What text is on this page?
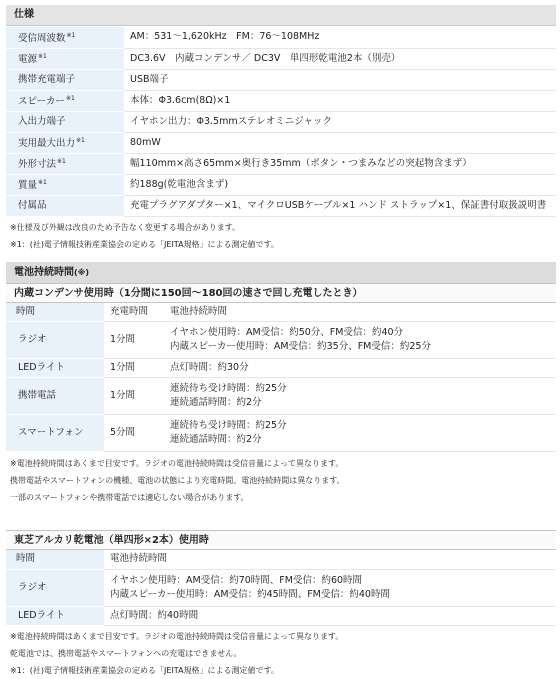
仕様
受信周波数$^{※1}$	AM：531～1,620kHz　FM：76～108MHz
電源$^{※1}$	DC3.6V　内蔵コンデンサ／ DC3V　単四形乾電池2本（別売）
携帯充電端子	USB端子
スピーカー$^{※1}$	本体：Φ3.6cm(8Ω)×1
入出力端子	イヤホン出力：Φ3.5mmステレオミニジャック
実用最大出力$^{※1}$	80mW
外形寸法$^{※1}$	幅110mm×高さ65mm×奥行き35mm（ボタン・つまみなどの突起物含まず）
質量$^{※1}$	約188g(乾電池含まず)
付属品	充電プラグアダプター×1、マイクロUSBケーブル×1 ハンド ストラップ×1、保証書付取扱説明書
※仕様及び外観は改良のため予告なく変更する場合があります。
※1：(社)電子情報技術産業協会の定める「JEITA規格」による測定値です。
電池持続時間(※)
内蔵コンデンサ使用時（1分間に150回～180回の速さで回し充電したとき）
時間	充電時間	電池持続時間
ラジオ	1分間	イヤホン使用時：AM受信：約50分、FM受信：約40分
内蔵スピーカー使用時：AM受信：約35分、FM受信：約25分

LEDライト	1分間	点灯時間：約30分

携帯電話	1分間	連続待ち受け時間：約25分
連続通話時間：約2分

スマートフォン	5分間	連続待ち受け時間：約25分
連続通話時間：約2分
※電池持続時間はあくまで目安です。ラジオの電池持続時間は受信音量によって異なります。
携帯電話やスマートフォンの機種、電池の状態により充電時間、電池持続時間は異なります。
一部のスマートフォンや携帯電話では適応しない場合があります。
東芝アルカリ乾電池（単四形×2本）使用時
時間	電池持続時間
ラジオ	イヤホン使用時：AM受信：約70時間、FM受信：約60時間
内蔵スピーカー使用時：AM受信：約45時間、FM受信：約40時間

LEDライト	点灯時間：約40時間
※電池持続時間はあくまで目安です。ラジオの電池持続時間は受信音量によって異なります。
乾電池では、携帯電話やスマートフォンへの充電はできません。
※1：(社)電子情報技術産業協会の定める「JEITA規格」による測定値です。
